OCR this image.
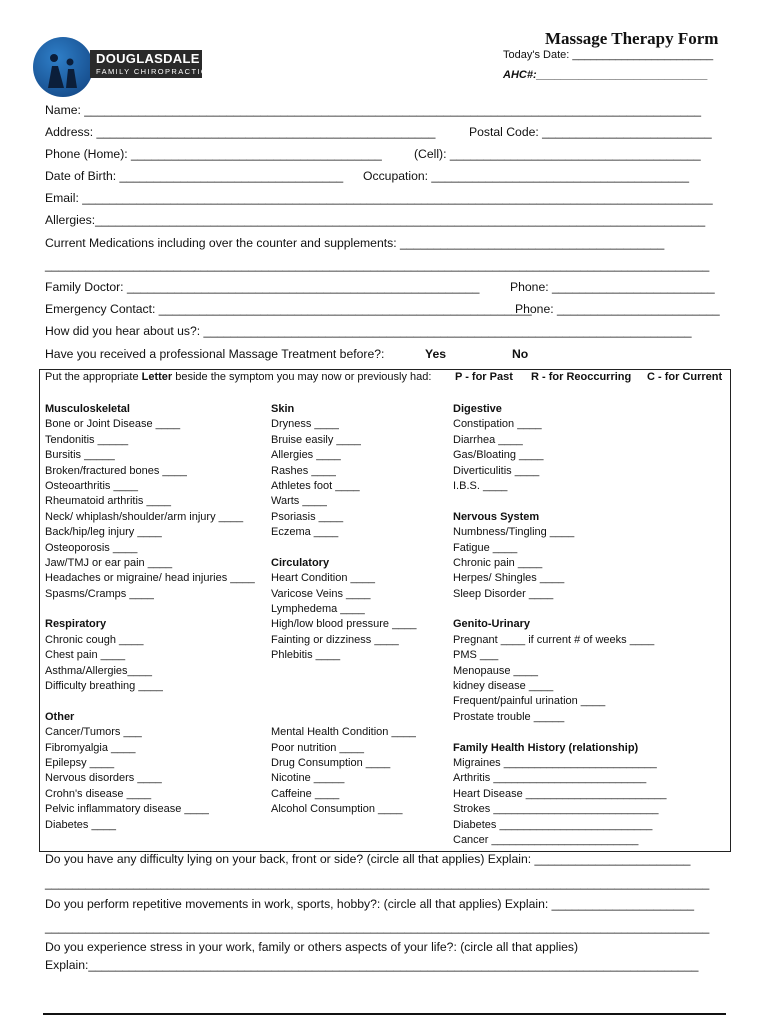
DOUGLASDALE
FAMILY CHIROPRACTIC
Massage Therapy Form
Today's Date: _______________________
AHC#:____________________________
Name: ___________________________________________________________________________________________
Address: __________________________________________________	Postal Code: _________________________
Phone (Home): _____________________________________	(Cell): _____________________________________
Date of Birth: _________________________________ Occupation: ______________________________________
Email: _____________________________________________________________________________________________
Allergies:__________________________________________________________________________________________
Current Medications including over the counter and supplements: _______________________________________
__________________________________________________________________________________________________
Family Doctor: ____________________________________________________	Phone: ________________________
Emergency Contact: _______________________________________________________
Phone: ________________________
How did you hear about us?: ________________________________________________________________________
Have you received a professional Massage Treatment before?:	Yes	No
Put the appropriate Letter beside the symptom you may now or previously had: P - for Past R - for Reoccurring C - for Current
Musculoskeletal
Bone or Joint Disease ____
Tendonitis _____
Bursitis _____
Broken/fractured bones ____
Osteoarthritis ____
Rheumatoid arthritis ____
Neck/ whiplash/shoulder/arm injury ____
Back/hip/leg injury ____
Osteoporosis ____
Jaw/TMJ or ear pain ____
Headaches or migraine/ head injuries ____
Spasms/Cramps ____
Respiratory
Chronic cough ____
Chest pain ____
Asthma/Allergies____
Difficulty breathing ____
Other
Cancer/Tumors ___
Fibromyalgia ____
Epilepsy ____
Nervous disorders ____
Crohn's disease ____
Pelvic inflammatory disease ____
Diabetes ____
Skin
Dryness ____
Bruise easily ____
Allergies ____
Rashes ____
Athletes foot ____
Warts ____
Psoriasis ____
Eczema ____
Circulatory
Heart Condition ____
Varicose Veins ____
Lymphedema ____
High/low blood pressure ____
Fainting or dizziness ____
Phlebitis ____
Mental Health Condition ____
Poor nutrition ____
Drug Consumption ____
Nicotine _____
Caffeine ____
Alcohol Consumption ____
Digestive
Constipation ____
Diarrhea ____
Gas/Bloating ____
Diverticulitis ____
I.B.S. ____
Nervous System
Numbness/Tingling ____
Fatigue ____
Chronic pain ____
Herpes/ Shingles ____
Sleep Disorder ____
Genito-Urinary
Pregnant ____ if current # of weeks ____
PMS ___
Menopause ____
kidney disease ____
Frequent/painful urination ____
Prostate trouble _____
Family Health History (relationship)
Migraines _________________________
Arthritis _________________________
Heart Disease _______________________
Strokes ___________________________
Diabetes _________________________
Cancer ________________________
Do you have any difficulty lying on your back, front or side? (circle all that applies) Explain: _______________________
__________________________________________________________________________________________________
Do you perform repetitive movements in work, sports, hobby?: (circle all that applies) Explain: _____________________
__________________________________________________________________________________________________
Do you experience stress in your work, family or others aspects of your life?: (circle all that applies)
Explain:__________________________________________________________________________________________
